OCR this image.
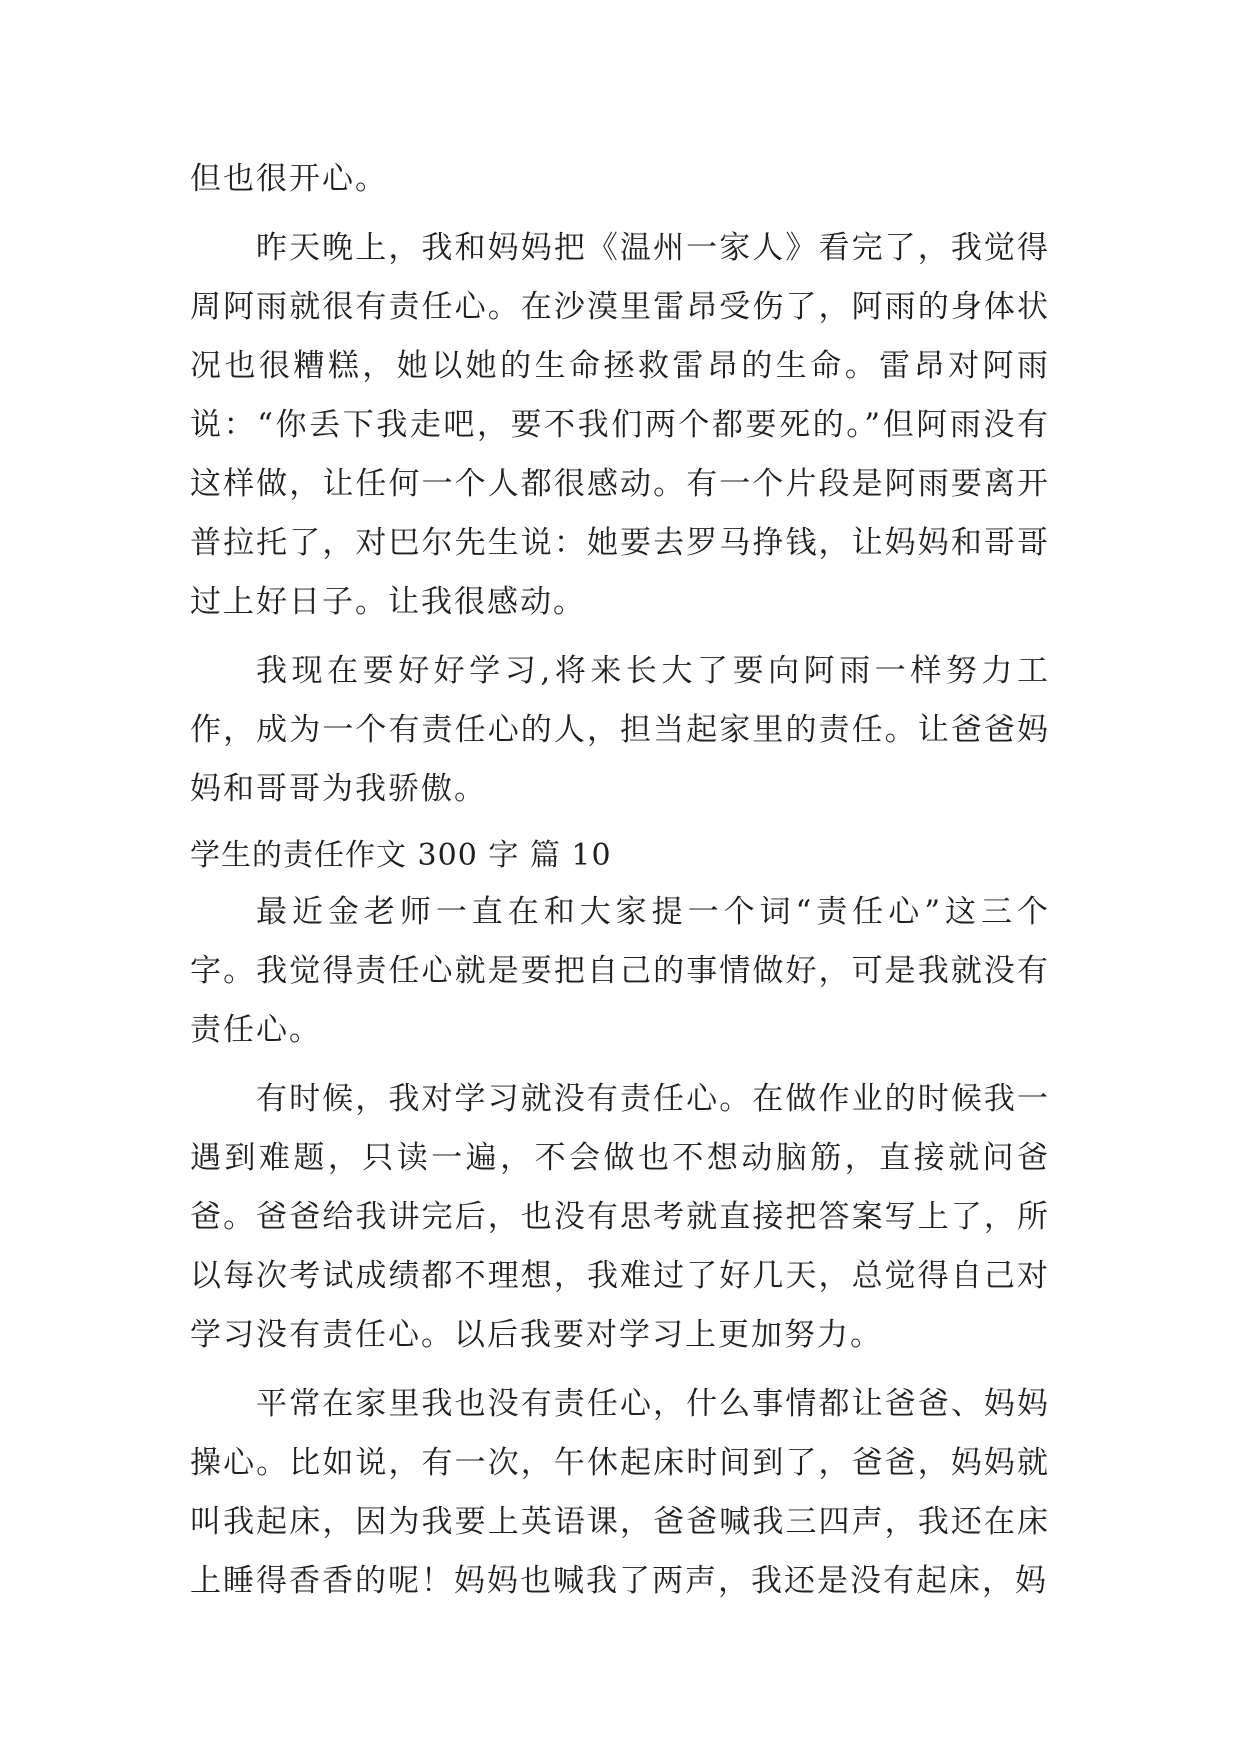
但也很开心。

昨天晚上，我和妈妈把《温州一家人》看完了，我觉得周阿雨就很有责任心。在沙漠里雷昂受伤了，阿雨的身体状况也很糟糕，她以她的生命拯救雷昂的生命。雷昂对阿雨说：“你丢下我走吧，要不我们两个都要死的。”但阿雨没有这样做，让任何一个人都很感动。有一个片段是阿雨要离开普拉托了，对巴尔先生说：她要去罗马挣钱，让妈妈和哥哥过上好日子。让我很感动。

我现在要好好学习,将来长大了要向阿雨一样努力工作，成为一个有责任心的人，担当起家里的责任。让爸爸妈妈和哥哥为我骄傲。

学生的责任作文 300 字 篇 10

最近金老师一直在和大家提一个词“责任心”这三个字。我觉得责任心就是要把自己的事情做好，可是我就没有责任心。

有时候，我对学习就没有责任心。在做作业的时候我一遇到难题，只读一遍，不会做也不想动脑筋，直接就问爸爸。爸爸给我讲完后，也没有思考就直接把答案写上了，所以每次考试成绩都不理想，我难过了好几天，总觉得自己对学习没有责任心。以后我要对学习上更加努力。

平常在家里我也没有责任心，什么事情都让爸爸、妈妈操心。比如说，有一次，午休起床时间到了，爸爸，妈妈就叫我起床，因为我要上英语课，爸爸喊我三四声，我还在床上睡得香香的呢！妈妈也喊我了两声，我还是没有起床，妈
